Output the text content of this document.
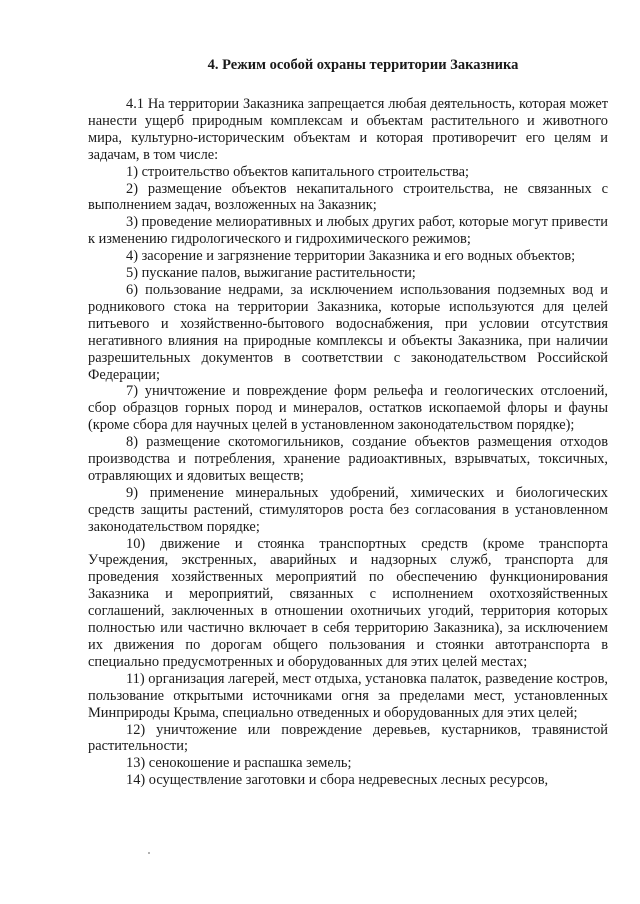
4. Режим особой охраны территории Заказника

4.1 На территории Заказника запрещается любая деятельность, которая может нанести ущерб природным комплексам и объектам растительного и животного мира, культурно-историческим объектам и которая противоречит его целям и задачам, в том числе:

1) строительство объектов капитального строительства;

2) размещение объектов некапитального строительства, не связанных с выполнением задач, возложенных на Заказник;

3) проведение мелиоративных и любых других работ, которые могут привести к изменению гидрологического и гидрохимического режимов;

4) засорение и загрязнение территории Заказника и его водных объектов;

5) пускание палов, выжигание растительности;

6) пользование недрами, за исключением использования подземных вод и родникового стока на территории Заказника, которые используются для целей питьевого и хозяйственно-бытового водоснабжения, при условии отсутствия негативного влияния на природные комплексы и объекты Заказника, при наличии разрешительных документов в соответствии с законодательством Российской Федерации;

7) уничтожение и повреждение форм рельефа и геологических отслоений, сбор образцов горных пород и минералов, остатков ископаемой флоры и фауны (кроме сбора для научных целей в установленном законодательством порядке);

8) размещение скотомогильников, создание объектов размещения отходов производства и потребления, хранение радиоактивных, взрывчатых, токсичных, отравляющих и ядовитых веществ;

9) применение минеральных удобрений, химических и биологических средств защиты растений, стимуляторов роста без согласования в установленном законодательством порядке;

10) движение и стоянка транспортных средств (кроме транспорта Учреждения, экстренных, аварийных и надзорных служб, транспорта для проведения хозяйственных мероприятий по обеспечению функционирования Заказника и мероприятий, связанных с исполнением охотхозяйственных соглашений, заключенных в отношении охотничьих угодий, территория которых полностью или частично включает в себя территорию Заказника), за исключением их движения по дорогам общего пользования и стоянки автотранспорта в специально предусмотренных и оборудованных для этих целей местах;

11) организация лагерей, мест отдыха, установка палаток, разведение костров, пользование открытыми источниками огня за пределами мест, установленных Минприроды Крыма, специально отведенных и оборудованных для этих целей;

12) уничтожение или повреждение деревьев, кустарников, травянистой растительности;

13) сенокошение и распашка земель;

14) осуществление заготовки и сбора недревесных лесных ресурсов,
